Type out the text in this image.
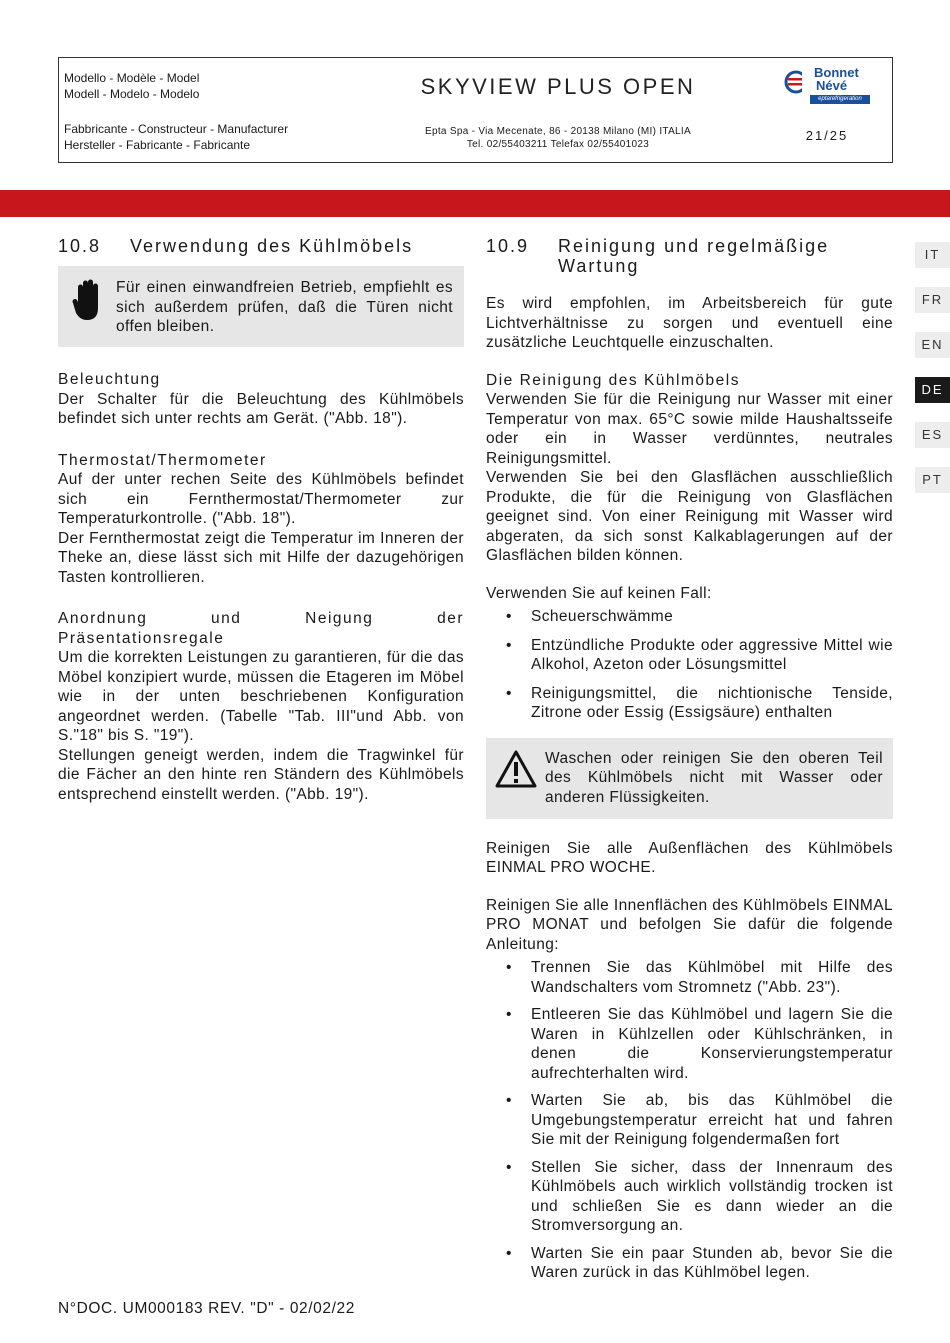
Modello - Modèle - Model
Modell - Modelo - Modelo	SKYVIEW PLUS OPEN
Bonnet
Névé
eptarefrigeration
Fabbricante - Constructeur - Manufacturer
Hersteller - Fabricante - Fabricante
Epta Spa - Via Mecenate, 86 - 20138 Milano (MI) ITALIA
Tel. 02/55403211 Telefax 02/55401023
21/25
IT
FR
EN
DE
ES
PT
10.8	Verwendung des Kühlmöbels
Für einen einwandfreien Betrieb, empfiehlt es sich außerdem prüfen, daß die Türen nicht offen bleiben.
Beleuchtung

Der Schalter für die Beleuchtung des Kühlmöbels befindet sich unter rechts am Gerät. ("Abb. 18").

Thermostat/Thermometer

Auf der unter rechen Seite des Kühlmöbels befindet sich ein Fernthermostat/Thermometer zur Temperaturkontrolle. ("Abb. 18").

Der Fernthermostat zeigt die Temperatur im Inneren der Theke an, diese lässt sich mit Hilfe der dazugehörigen Tasten kontrollieren.

Anordnung und Neigung der
Präsentationsregale

Um die korrekten Leistungen zu garantieren, für die das Möbel konzipiert wurde, müssen die Etageren im Möbel wie in der unten beschriebenen Konfiguration angeordnet werden. (Tabelle "Tab. III"und Abb. von S."18" bis S. "19").

Stellungen geneigt werden, indem die Tragwinkel für die Fächer an den hinte ren Ständern des Kühlmöbels entsprechend einstellt werden. ("Abb. 19").

10.9	Reinigung und regelmäßige Wartung

Es wird empfohlen, im Arbeitsbereich für gute Lichtverhältnisse zu sorgen und eventuell eine zusätzliche Leuchtquelle einzuschalten.

Die Reinigung des Kühlmöbels

Verwenden Sie für die Reinigung nur Wasser mit einer Temperatur von max. 65°C sowie milde Haushaltsseife oder ein in Wasser verdünntes, neutrales Reinigungsmittel.

Verwenden Sie bei den Glasflächen ausschließlich Produkte, die für die Reinigung von Glasflächen geeignet sind. Von einer Reinigung mit Wasser wird abgeraten, da sich sonst Kalkablagerungen auf der Glasflächen bilden können.

Verwenden Sie auf keinen Fall:

• Scheuerschwämme
• Entzündliche Produkte oder aggressive Mittel wie Alkohol, Azeton oder Lösungsmittel
• Reinigungsmittel, die nichtionische Tenside, Zitrone oder Essig (Essigsäure) enthalten
Waschen oder reinigen Sie den oberen Teil des Kühlmöbels nicht mit Wasser oder anderen Flüssigkeiten.

Reinigen Sie alle Außenflächen des Kühlmöbels EINMAL PRO WOCHE.

Reinigen Sie alle Innenflächen des Kühlmöbels EINMAL PRO MONAT und befolgen Sie dafür die folgende Anleitung:

• Trennen Sie das Kühlmöbel mit Hilfe des Wandschalters vom Stromnetz ("Abb. 23").
• Entleeren Sie das Kühlmöbel und lagern Sie die Waren in Kühlzellen oder Kühlschränken, in denen die Konservierungstemperatur aufrechterhalten wird.
• Warten Sie ab, bis das Kühlmöbel die Umgebungstemperatur erreicht hat und fahren Sie mit der Reinigung folgendermaßen fort
• Stellen Sie sicher, dass der Innenraum des Kühlmöbels auch wirklich vollständig trocken ist und schließen Sie es dann wieder an die Stromversorgung an.
• Warten Sie ein paar Stunden ab, bevor Sie die Waren zurück in das Kühlmöbel legen.
N°DOC. UM000183 REV. "D" - 02/02/22
